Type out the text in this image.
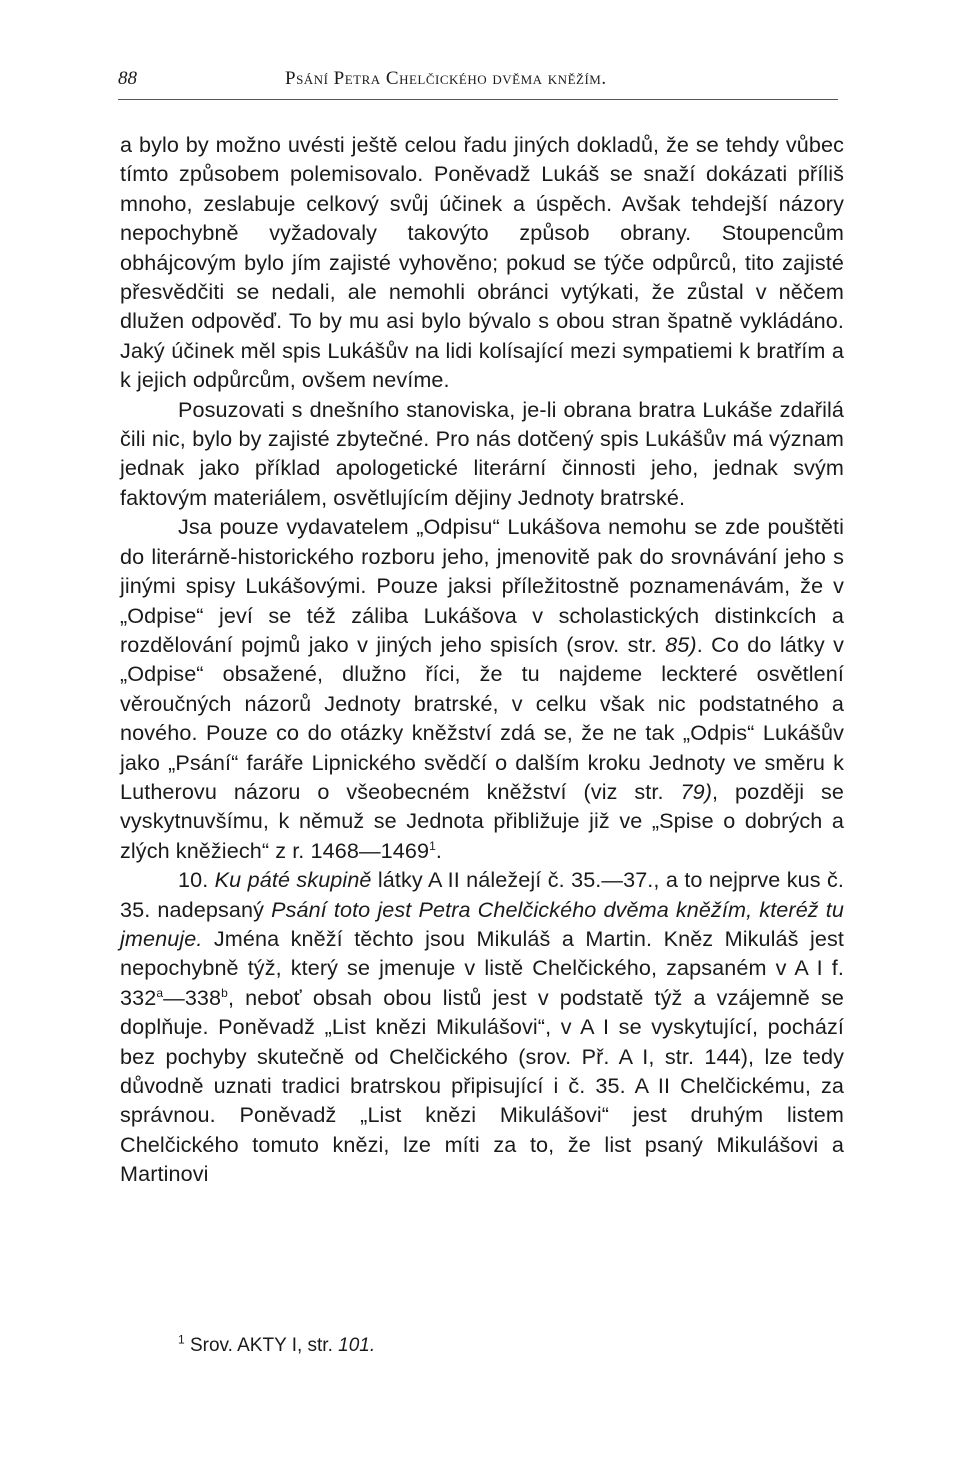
88	Psání Petra Chelčického dvěma kněžím.

a bylo by možno uvésti ještě celou řadu jiných dokladů, že se tehdy vůbec tímto způsobem polemisovalo. Poněvadž Lukáš se snaží dokázati příliš mnoho, zeslabuje celkový svůj účinek a úspěch. Avšak tehdejší názory nepochybně vyžadovaly takovýto způsob obrany. Stoupencům obhájcovým bylo jím zajisté vyhověno; pokud se týče odpůrců, tito zajisté přesvědčiti se nedali, ale nemohli obránci vytýkati, že zůstal v něčem dlužen odpověď. To by mu asi bylo bývalo s obou stran špatně vykládáno. Jaký účinek měl spis Lukášův na lidi kolísající mezi sympatiemi k bratřím a k jejich odpůrcům, ovšem nevíme.

Posuzovati s dnešního stanoviska, je-li obrana bratra Lukáše zdařilá čili nic, bylo by zajisté zbytečné. Pro nás dotčený spis Lukášův má význam jednak jako příklad apologetické literární činnosti jeho, jednak svým faktovým materiálem, osvětlujícím dějiny Jednoty bratrské.

Jsa pouze vydavatelem „Odpisu“ Lukášova nemohu se zde pouštěti do literárně-historického rozboru jeho, jmenovitě pak do srovnávání jeho s jinými spisy Lukášovými. Pouze jaksi příležitostně poznamenávám, že v „Odpise“ jeví se též záliba Lukášova v scholastických distinkcích a rozdělování pojmů jako v jiných jeho spisích (srov. str. 85). Co do látky v „Odpise“ obsažené, dlužno říci, že tu najdeme leckteré osvětlení věroučných názorů Jednoty bratrské, v celku však nic podstatného a nového. Pouze co do otázky kněžství zdá se, že ne tak „Odpis“ Lukášův jako „Psání“ faráře Lipnického svědčí o dalším kroku Jednoty ve směru k Lutherovu názoru o všeobecném kněžství (viz str. 79), později se vyskytnuvšímu, k němuž se Jednota přibližuje již ve „Spise o dobrých a zlých kněžiech“ z r. 1468—1469$^1$.

10. Ku páté skupině látky A II náležejí č. 35.—37., a to nejprve kus č. 35. nadepsaný Psání toto jest Petra Chelčického dvěma kněžím, kteréž tu jmenuje. Jména kněží těchto jsou Mikuláš a Martin. Kněz Mikuláš jest nepochybně týž, který se jmenuje v listě Chelčického, zapsaném v A I f. 332$^a$—338$^b$, neboť obsah obou listů jest v podstatě týž a vzájemně se doplňuje. Poněvadž „List knězi Mikulášovi“, v A I se vyskytující, pochází bez pochyby skutečně od Chelčického (srov. Př. A I, str. 144), lze tedy důvodně uznati tradici bratrskou připisující i č. 35. A II Chelčickému, za správnou. Poněvadž „List knězi Mikulášovi“ jest druhým listem Chelčického tomuto knězi, lze míti za to, že list psaný Mikulášovi a Martinovi

$^1$ Srov. AKTY I, str. 101.
